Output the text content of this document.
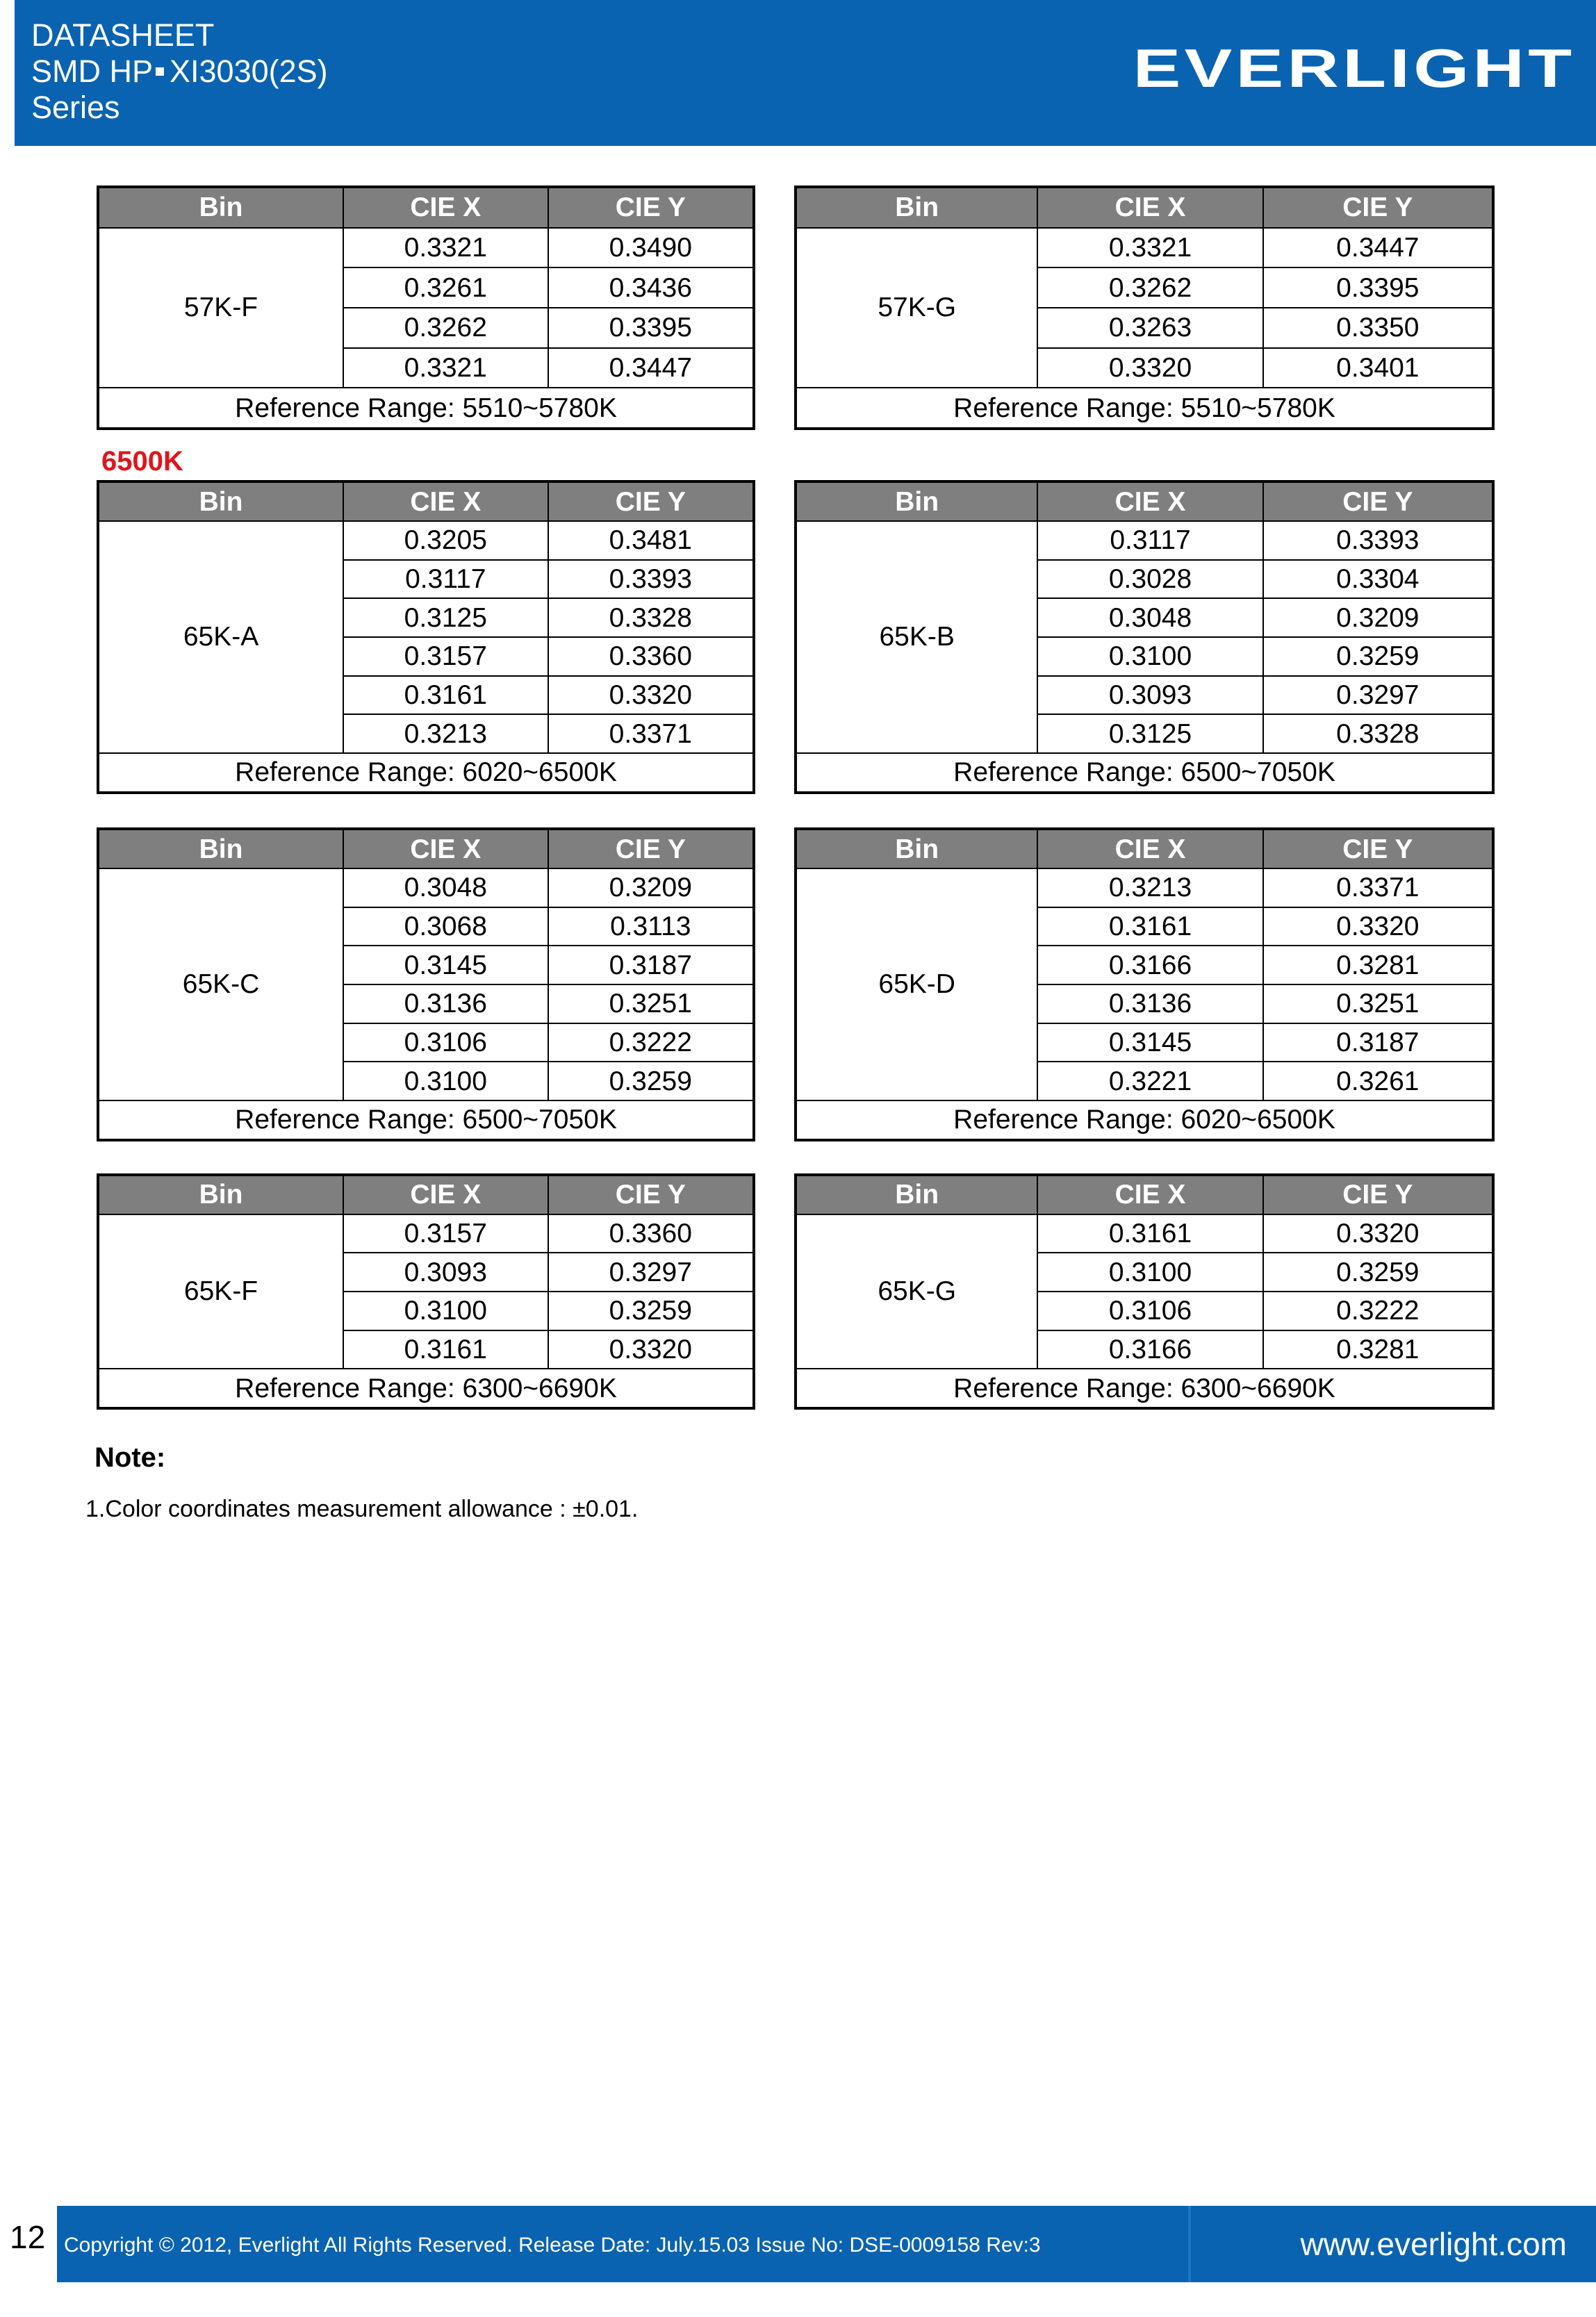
DATASHEET
SMD HP XI3030(2S)
Series
EVERLIGHT
6500K
Bin	CIE X	CIE Y
57K-F	0.3321	0.3490
	0.3261	0.3436
	0.3262	0.3395
	0.3321	0.3447
Reference Range: 5510~5780K		
Bin	CIE X	CIE Y
57K-G	0.3321	0.3447
	0.3262	0.3395
	0.3263	0.3350
	0.3320	0.3401
Reference Range: 5510~5780K		
Bin	CIE X	CIE Y
65K-A	0.3205	0.3481
	0.3117	0.3393
	0.3125	0.3328
	0.3157	0.3360
	0.3161	0.3320
	0.3213	0.3371
Reference Range: 6020~6500K		
Bin	CIE X	CIE Y
65K-B	0.3117	0.3393
	0.3028	0.3304
	0.3048	0.3209
	0.3100	0.3259
	0.3093	0.3297
	0.3125	0.3328
Reference Range: 6500~7050K		
Bin	CIE X	CIE Y
65K-C	0.3048	0.3209
	0.3068	0.3113
	0.3145	0.3187
	0.3136	0.3251
	0.3106	0.3222
	0.3100	0.3259
Reference Range: 6500~7050K		
Bin	CIE X	CIE Y
65K-D	0.3213	0.3371
	0.3161	0.3320
	0.3166	0.3281
	0.3136	0.3251
	0.3145	0.3187
	0.3221	0.3261
Reference Range: 6020~6500K		
Bin	CIE X	CIE Y
65K-F	0.3157	0.3360
	0.3093	0.3297
	0.3100	0.3259
	0.3161	0.3320
Reference Range: 6300~6690K		
Bin	CIE X	CIE Y
65K-G	0.3161	0.3320
	0.3100	0.3259
	0.3106	0.3222
	0.3166	0.3281
Reference Range: 6300~6690K		
Note:
1.Color coordinates measurement allowance : ±0.01.
12 Copyright © 2012, Everlight All Rights Reserved. Release Date: July.15.03 Issue No: DSE-0009158 Rev:3	www.everlight.com
